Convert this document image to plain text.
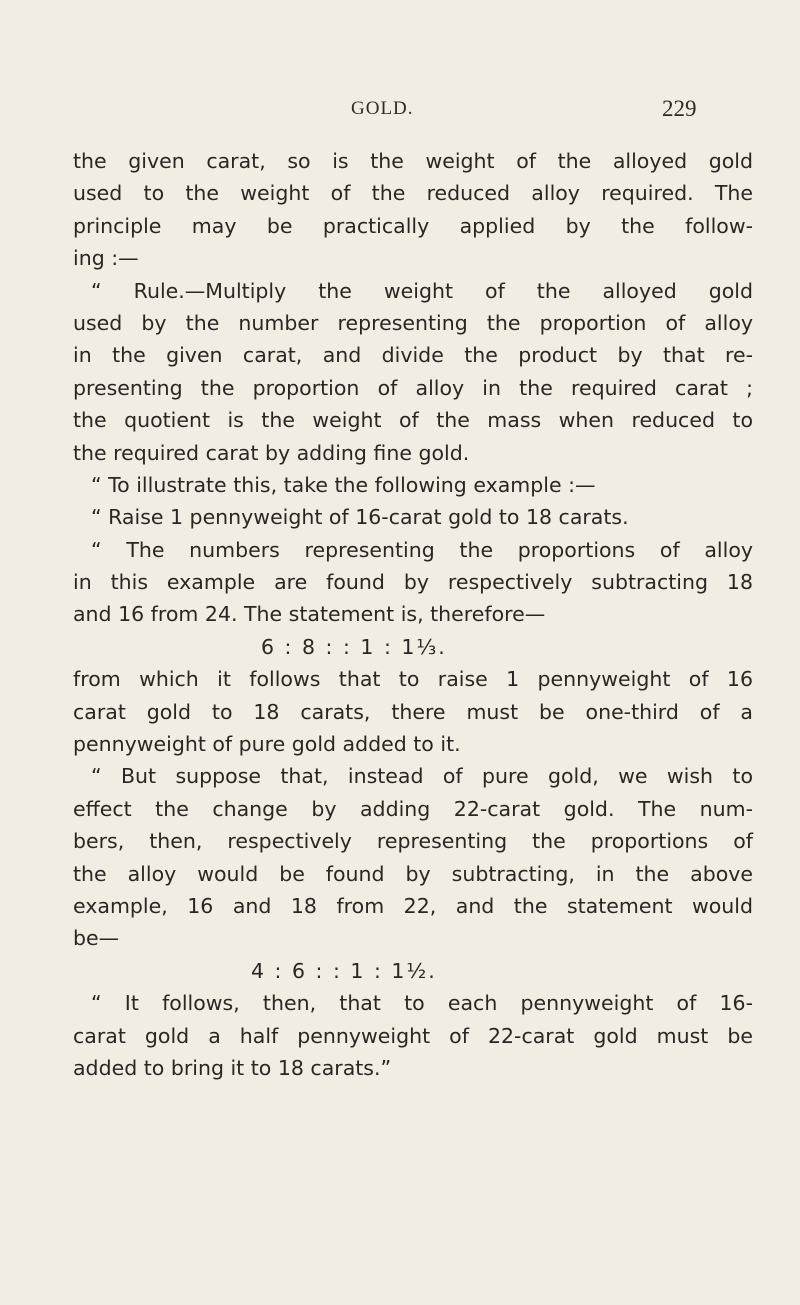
GOLD.	229
the given carat, so is the weight of the alloyed gold
used to the weight of the reduced alloy required. The
principle may be practically applied by the follow-
ing :—
“ Rule.—Multiply the weight of the alloyed gold
used by the number representing the proportion of alloy
in the given carat, and divide the product by that re-
presenting the proportion of alloy in the required carat ;
the quotient is the weight of the mass when reduced to
the required carat by adding fine gold.
“ To illustrate this, take the following example :—
“ Raise 1 pennyweight of 16-carat gold to 18 carats.
“ The numbers representing the proportions of alloy
in this example are found by respectively subtracting 18
and 16 from 24. The statement is, therefore—
6 : 8 : : 1 : 1⅓.
from which it follows that to raise 1 pennyweight of 16
carat gold to 18 carats, there must be one-third of a
pennyweight of pure gold added to it.
“ But suppose that, instead of pure gold, we wish to
effect the change by adding 22-carat gold. The num-
bers, then, respectively representing the proportions of
the alloy would be found by subtracting, in the above
example, 16 and 18 from 22, and the statement would
be—
4 : 6 : : 1 : 1½.
“ It follows, then, that to each pennyweight of 16-
carat gold a half pennyweight of 22-carat gold must be
added to bring it to 18 carats.”
